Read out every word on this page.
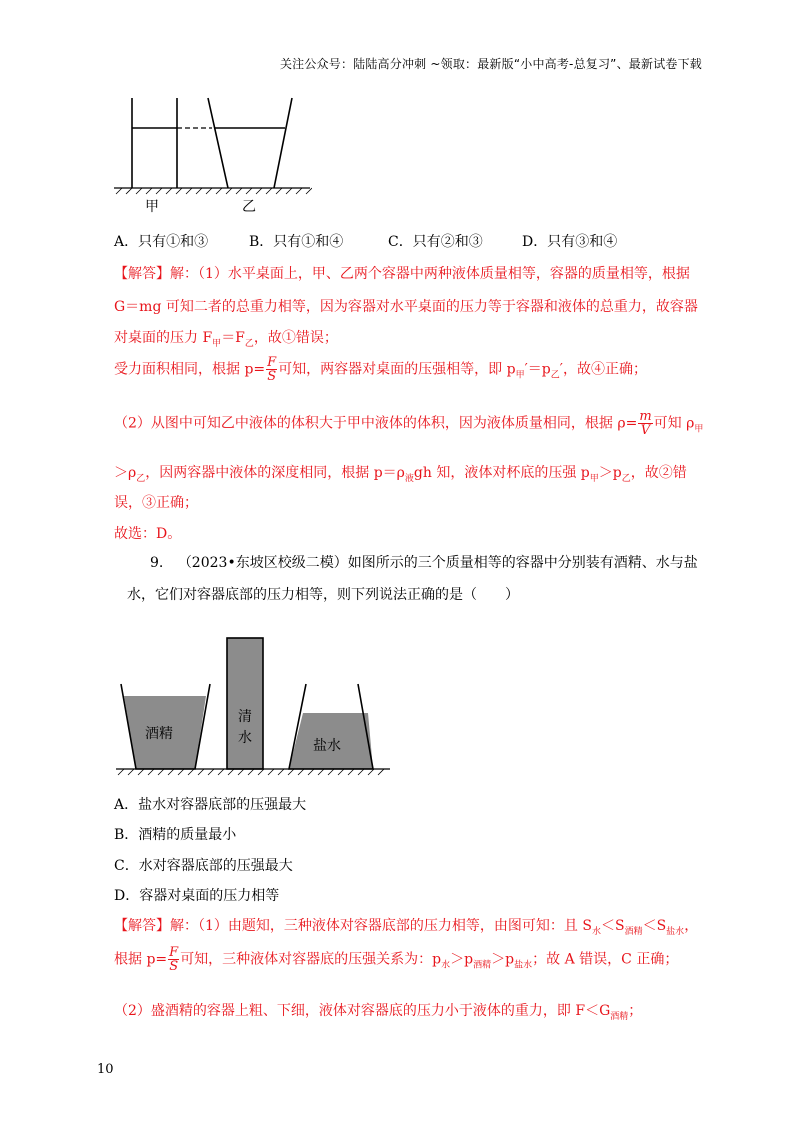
关注公众号：陆陆高分冲刺 ~领取：最新版“小中高考-总复习”、最新试卷下载
甲	乙
A．只有①和③	B．只有①和④	C．只有②和③	D．只有③和④
【解答】解：（1）水平桌面上，甲、乙两个容器中两种液体质量相等，容器的质量相等，根据
G＝mg 可知二者的总重力相等，因为容器对水平桌面的压力等于容器和液体的总重力，故容器
对桌面的压力 $F_甲=F_乙$，故①错误；
受力面积相同，根据 $p= \frac{F}{S}$ 可知，两容器对桌面的压强相等，即 $p_甲'=p_乙'$，故④正确；
（2）从图中可知乙中液体的体积大于甲中液体的体积，因为液体质量相同，根据 $\rho= \frac{m}{V}$ 可知 $\rho_甲$
$>\rho_乙$，因两容器中液体的深度相同，根据 $p=\rho_液gh$ 知，液体对杯底的压强 $p_甲>p_乙$，故②错
误，③正确；
故选：D。
9. （2023•东坡区校级二模）如图所示的三个质量相等的容器中分别装有酒精、水与盐
水，它们对容器底部的压力相等，则下列说法正确的是（　　）
酒精
清
水	盐水
A．盐水对容器底部的压强最大
B．酒精的质量最小
C．水对容器底部的压强最大
D．容器对桌面的压力相等
【解答】解：（1）由题知，三种液体对容器底部的压力相等，由图可知：且 $S_水<S_{酒精}<S_{盐水}$，
根据 $p= \frac{F}{S}$ 可知，三种液体对容器底的压强关系为：$p_水>p_{酒精}>p_{盐水}$；故 A 错误，C 正确；
（2）盛酒精的容器上粗、下细，液体对容器底的压力小于液体的重力，即 $F<G_{酒精}$；
10
